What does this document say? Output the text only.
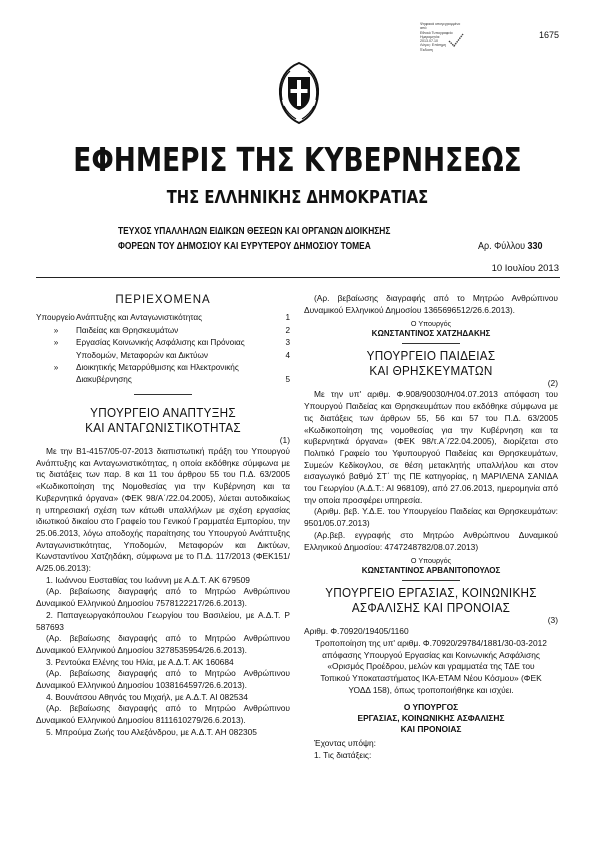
Ψηφιακά υπογεγραμμένο
από
Εθνικό Τυπογραφείο
Ημερομηνία:
2013.07.10
Λόγος: Επίσημη
Έκδοση
1675
ΕΦΗΜΕΡΙΣ ΤΗΣ ΚΥΒΕΡΝΗΣΕΩΣ
ΤΗΣ ΕΛΛΗΝΙΚΗΣ ΔΗΜΟΚΡΑΤΙΑΣ
ΤΕΥΧΟΣ ΥΠΑΛΛΗΛΩΝ ΕΙΔΙΚΩΝ ΘΕΣΕΩΝ ΚΑΙ ΟΡΓΑΝΩΝ ΔΙΟΙΚΗΣΗΣ
ΦΟΡΕΩΝ ΤΟΥ ΔΗΜΟΣΙΟΥ ΚΑΙ ΕΥΡΥΤΕΡΟΥ ΔΗΜΟΣΙΟΥ ΤΟΜΕΑ	Αρ. Φύλλου 330
10 Ιουλίου 2013
ΠΕΡΙΕΧΟΜΕΝΑ
Υπουργείο	Ανάπτυξης και Ανταγωνιστικότητας	1
»	Παιδείας και Θρησκευμάτων	2
»	Εργασίας Κοινωνικής Ασφάλισης και Πρόνοιας	3
	Υποδομών, Μεταφορών και Δικτύων	4
»	Διοικητικής Μεταρρύθμισης και Ηλεκτρονικής Διακυβέρνησης	5
ΥΠΟΥΡΓΕΙΟ ΑΝΑΠΤΥΞΗΣ
ΚΑΙ ΑΝΤΑΓΩΝΙΣΤΙΚΟΤΗΤΑΣ
(1)

Με την Β1-4157/05-07-2013 διαπιστωτική πράξη του Υπουργού Ανάπτυξης και Ανταγωνιστικότητας, η οποία εκδόθηκε σύμφωνα με τις διατάξεις των παρ. 8 και 11 του άρθρου 55 του Π.Δ. 63/2005 «Κωδικοποίηση της Νομοθεσίας για την Κυβέρνηση και τα Κυβερνητικά όργανα» (ΦΕΚ 98/Α΄/22.04.2005), λύεται αυτοδικαίως η υπηρεσιακή σχέση των κάτωθι υπαλλήλων με σχέση εργασίας ιδιωτικού δικαίου στο Γραφείο του Γενικού Γραμματέα Εμπορίου, την 25.06.2013, λόγω αποδοχής παραίτησης του Υπουργού Ανάπτυξης Ανταγωνιστικότητας, Υποδομών, Μεταφορών και Δικτύων, Κωνσταντίνου Χατζηδάκη, σύμφωνα με το Π.Δ. 117/2013 (ΦΕΚ151/Α/25.06.2013):

1. Ιωάννου Ευσταθίας του Ιωάννη με Α.Δ.Τ. ΑΚ 679509

(Αρ. βεβαίωσης διαγραφής από το Μητρώο Ανθρώπινου Δυναμικού Ελληνικού Δημοσίου 7578122217/26.6.2013).

2. Παπαγεωργακόπουλου Γεωργίου του Βασιλείου, με Α.Δ.Τ. Ρ 587693

(Αρ. βεβαίωσης διαγραφής από το Μητρώο Ανθρώπινου Δυναμικού Ελληνικού Δημοσίου 3278535954/26.6.2013).

3. Ρεντούκα Ελένης του Ηλία, με Α.Δ.Τ. ΑΚ 160684

(Αρ. βεβαίωσης διαγραφής από το Μητρώο Ανθρώπινου Δυναμικού Ελληνικού Δημοσίου 1038164597/26.6.2013).

4. Βουνάτσου Αθηνάς του Μιχαήλ, με Α.Δ.Τ. ΑΙ 082534

(Αρ. βεβαίωσης διαγραφής από το Μητρώο Ανθρώπινου Δυναμικού Ελληνικού Δημοσίου 8111610279/26.6.2013).

5. Μπρούμα Ζωής του Αλεξάνδρου, με Α.Δ.Τ. ΑΗ 082305

(Αρ. βεβαίωσης διαγραφής από το Μητρώο Ανθρώπινου Δυναμικού Ελληνικού Δημοσίου 1365696512/26.6.2013).

Ο Υπουργός
ΚΩΝΣΤΑΝΤΙΝΟΣ ΧΑΤΖΗΔΑΚΗΣ
ΥΠΟΥΡΓΕΙΟ ΠΑΙΔΕΙΑΣ
ΚΑΙ ΘΡΗΣΚΕΥΜΑΤΩΝ
(2)

Με την υπ' αριθμ. Φ.908/90030/Η/04.07.2013 απόφαση του Υπουργού Παιδείας και Θρησκευμάτων που εκδόθηκε σύμφωνα με τις διατάξεις των άρθρων 55, 56 και 57 του Π.Δ. 63/2005 «Κωδικοποίηση της νομοθεσίας για την Κυβέρνηση και τα κυβερνητικά όργανα» (ΦΕΚ 98/τ.Α΄/22.04.2005), διορίζεται στο Πολιτικό Γραφείο του Υφυπουργού Παιδείας και Θρησκευμάτων, Συμεών Κεδίκογλου, σε θέση μετακλητής υπαλλήλου και στον εισαγωγικό βαθμό ΣΤ΄ της ΠΕ κατηγορίας, η ΜΑΡΙΛΕΝΑ ΣΑΝΙΔΑ του Γεωργίου (Α.Δ.Τ.: ΑΙ 968109), από 27.06.2013, ημερομηνία από την οποία προσφέρει υπηρεσία.

(Αριθμ. βεβ. Υ.Δ.Ε. του Υπουργείου Παιδείας και Θρησκευμάτων: 9501/05.07.2013)

(Αρ.βεβ. εγγραφής στο Μητρώο Ανθρώπινου Δυναμικού Ελληνικού Δημοσίου: 4747248782/08.07.2013)

Ο Υπουργός
ΚΩΝΣΤΑΝΤΙΝΟΣ ΑΡΒΑΝΙΤΟΠΟΥΛΟΣ
ΥΠΟΥΡΓΕΙΟ ΕΡΓΑΣΙΑΣ, ΚΟΙΝΩΝΙΚΗΣ
ΑΣΦΑΛΙΣΗΣ ΚΑΙ ΠΡΟΝΟΙΑΣ
(3)

Αριθμ. Φ.70920/19405/1160

Τροποποίηση της υπ' αριθμ. Φ.70920/29784/1881/30-03-2012 απόφασης Υπουργού Εργασίας και Κοινωνικής Ασφάλισης «Ορισμός Προέδρου, μελών και γραμματέα της ΤΔΕ του Τοπικού Υποκαταστήματος ΙΚΑ-ΕΤΑΜ Νέου Κόσμου» (ΦΕΚ ΥΟΔΔ 158), όπως τροποποιήθηκε και ισχύει.

Ο ΥΠΟΥΡΓΟΣ
ΕΡΓΑΣΙΑΣ, ΚΟΙΝΩΝΙΚΗΣ ΑΣΦΑΛΙΣΗΣ
ΚΑΙ ΠΡΟΝΟΙΑΣ

Έχοντας υπόψη:

1. Τις διατάξεις:
